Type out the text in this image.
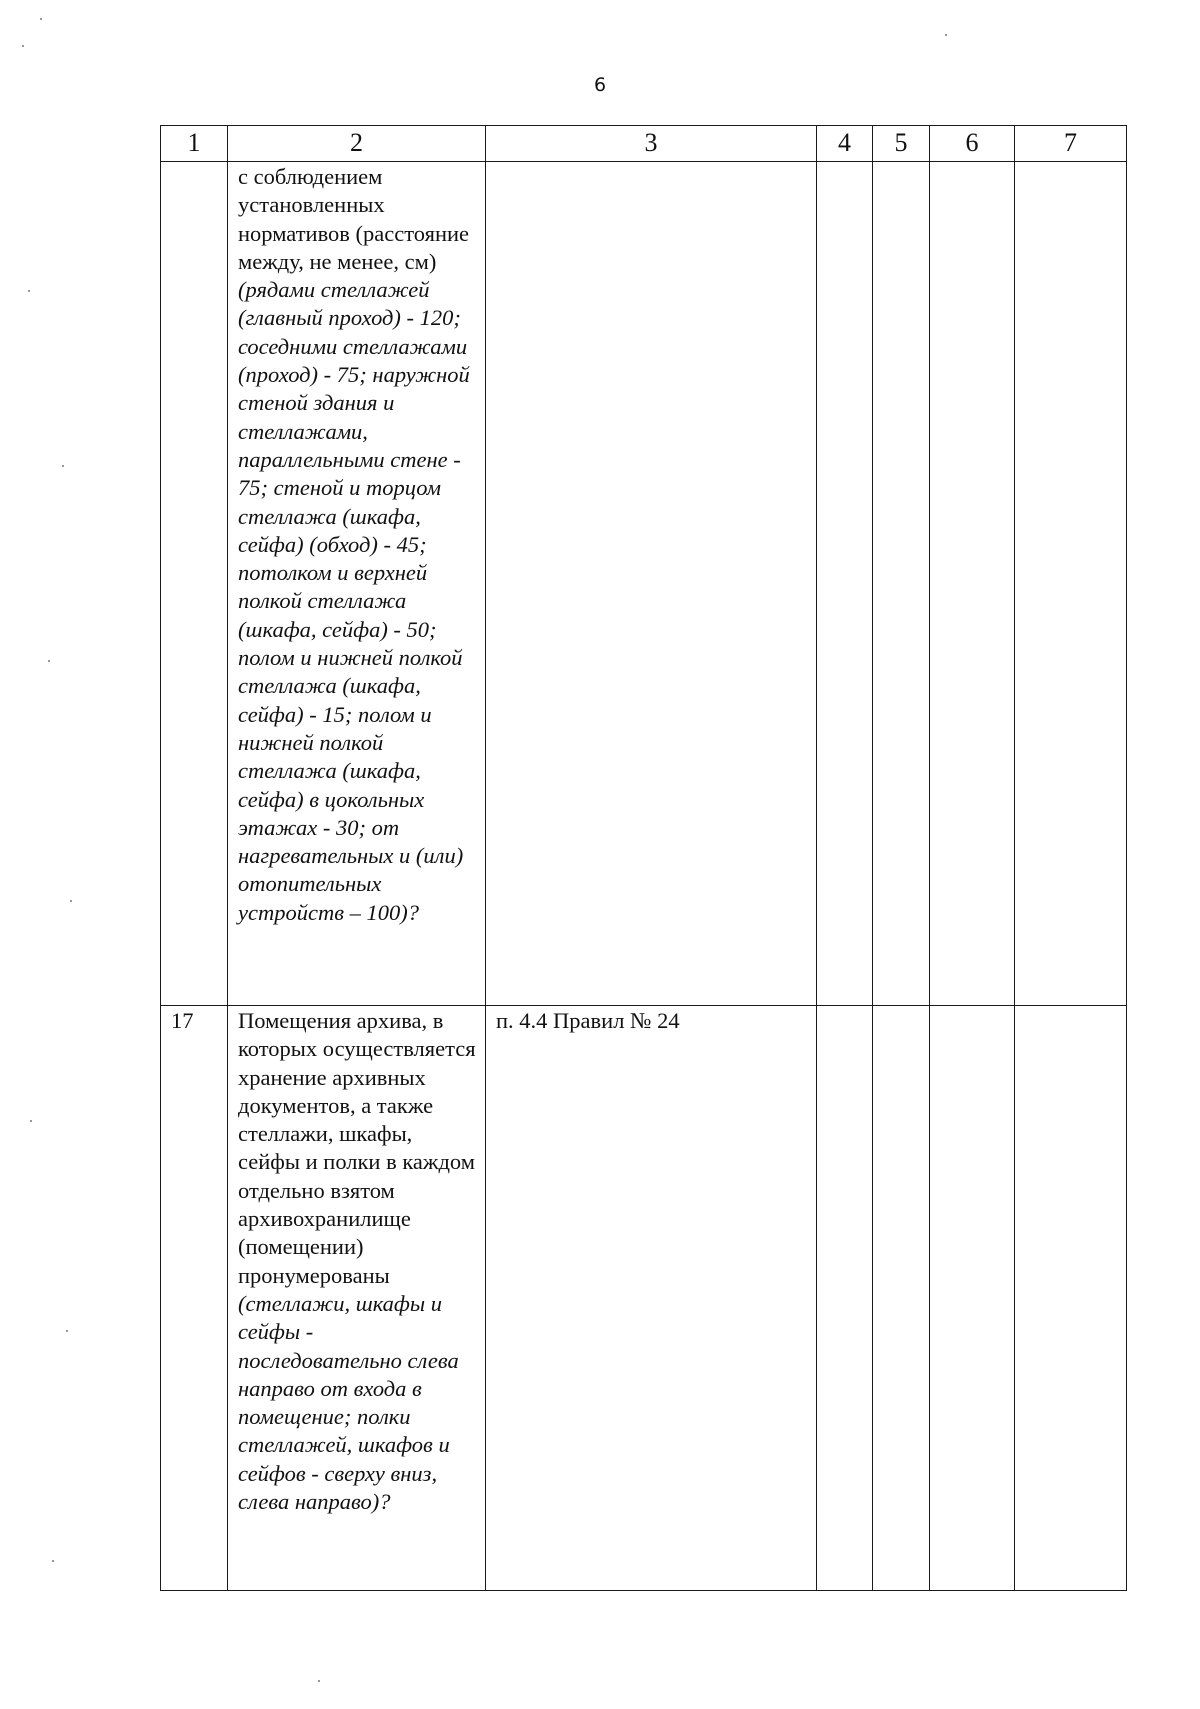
6
1	2	3	4	5	6	7

	с соблюдением установленных нормативов (расстояние между, не менее, см) (рядами стеллажей (главный проход) - 120; соседними стеллажами (проход) - 75; наружной стеной здания и стеллажами, параллельными стене - 75; стеной и торцом стеллажа (шкафа, сейфа) (обход) - 45; потолком и верхней полкой стеллажа (шкафа, сейфа) - 50; полом и нижней полкой стеллажа (шкафа, сейфа) - 15; полом и нижней полкой стеллажа (шкафа, сейфа) в цокольных этажах - 30; от нагревательных и (или) отопительных устройств – 100)?					

17	Помещения архива, в которых осуществляется хранение архивных документов, а также стеллажи, шкафы, сейфы и полки в каждом отдельно взятом архивохранилище (помещении) пронумерованы (стеллажи, шкафы и сейфы - последовательно слева направо от входа в помещение; полки стеллажей, шкафов и сейфов - сверху вниз, слева направо)?	п. 4.4 Правил № 24				
